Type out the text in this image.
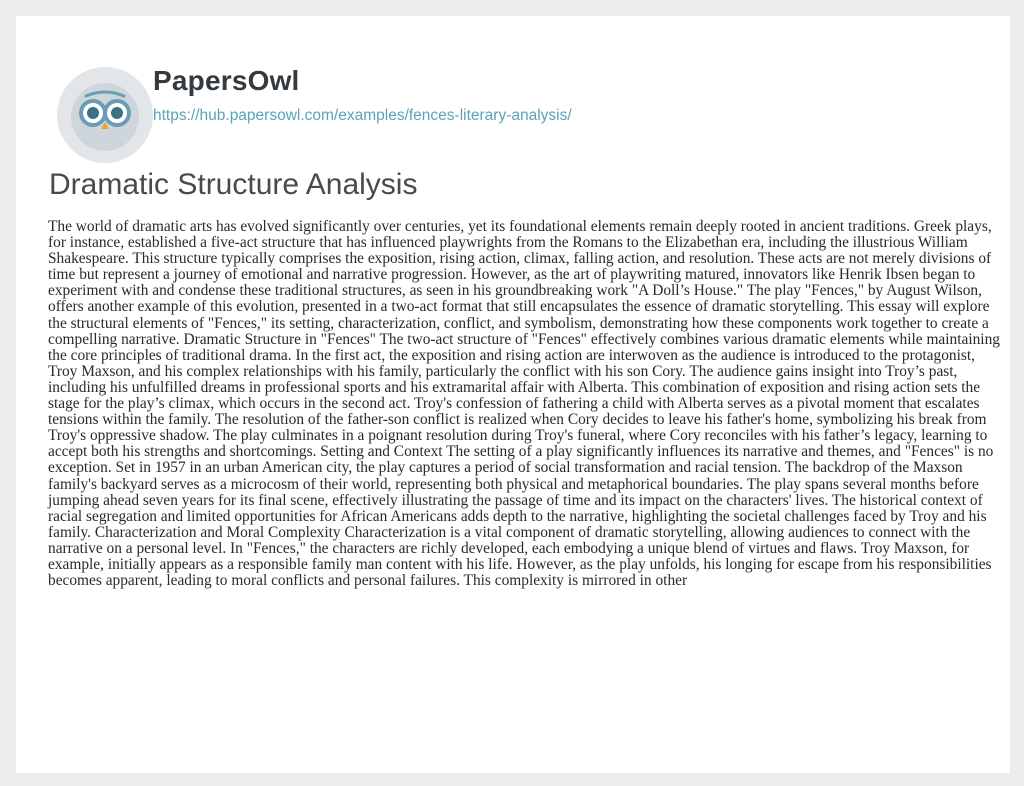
PapersOwl
https://hub.papersowl.com/examples/fences-literary-analysis/
Dramatic Structure Analysis

The world of dramatic arts has evolved significantly over centuries, yet its foundational elements remain deeply rooted in ancient traditions. Greek plays, for instance, established a five-act structure that has influenced playwrights from the Romans to the Elizabethan era, including the illustrious William Shakespeare. This structure typically comprises the exposition, rising action, climax, falling action, and resolution. These acts are not merely divisions of time but represent a journey of emotional and narrative progression. However, as the art of playwriting matured, innovators like Henrik Ibsen began to experiment with and condense these traditional structures, as seen in his groundbreaking work "A Doll’s House." The play "Fences," by August Wilson, offers another example of this evolution, presented in a two-act format that still encapsulates the essence of dramatic storytelling. This essay will explore the structural elements of "Fences," its setting, characterization, conflict, and symbolism, demonstrating how these components work together to create a compelling narrative. Dramatic Structure in "Fences" The two-act structure of "Fences" effectively combines various dramatic elements while maintaining the core principles of traditional drama. In the first act, the exposition and rising action are interwoven as the audience is introduced to the protagonist, Troy Maxson, and his complex relationships with his family, particularly the conflict with his son Cory. The audience gains insight into Troy’s past, including his unfulfilled dreams in professional sports and his extramarital affair with Alberta. This combination of exposition and rising action sets the stage for the play’s climax, which occurs in the second act. Troy's confession of fathering a child with Alberta serves as a pivotal moment that escalates tensions within the family. The resolution of the father-son conflict is realized when Cory decides to leave his father's home, symbolizing his break from Troy's oppressive shadow. The play culminates in a poignant resolution during Troy's funeral, where Cory reconciles with his father’s legacy, learning to accept both his strengths and shortcomings. Setting and Context The setting of a play significantly influences its narrative and themes, and "Fences" is no exception. Set in 1957 in an urban American city, the play captures a period of social transformation and racial tension. The backdrop of the Maxson family's backyard serves as a microcosm of their world, representing both physical and metaphorical boundaries. The play spans several months before jumping ahead seven years for its final scene, effectively illustrating the passage of time and its impact on the characters' lives. The historical context of racial segregation and limited opportunities for African Americans adds depth to the narrative, highlighting the societal challenges faced by Troy and his family. Characterization and Moral Complexity Characterization is a vital component of dramatic storytelling, allowing audiences to connect with the narrative on a personal level. In "Fences," the characters are richly developed, each embodying a unique blend of virtues and flaws. Troy Maxson, for example, initially appears as a responsible family man content with his life. However, as the play unfolds, his longing for escape from his responsibilities becomes apparent, leading to moral conflicts and personal failures. This complexity is mirrored in other
